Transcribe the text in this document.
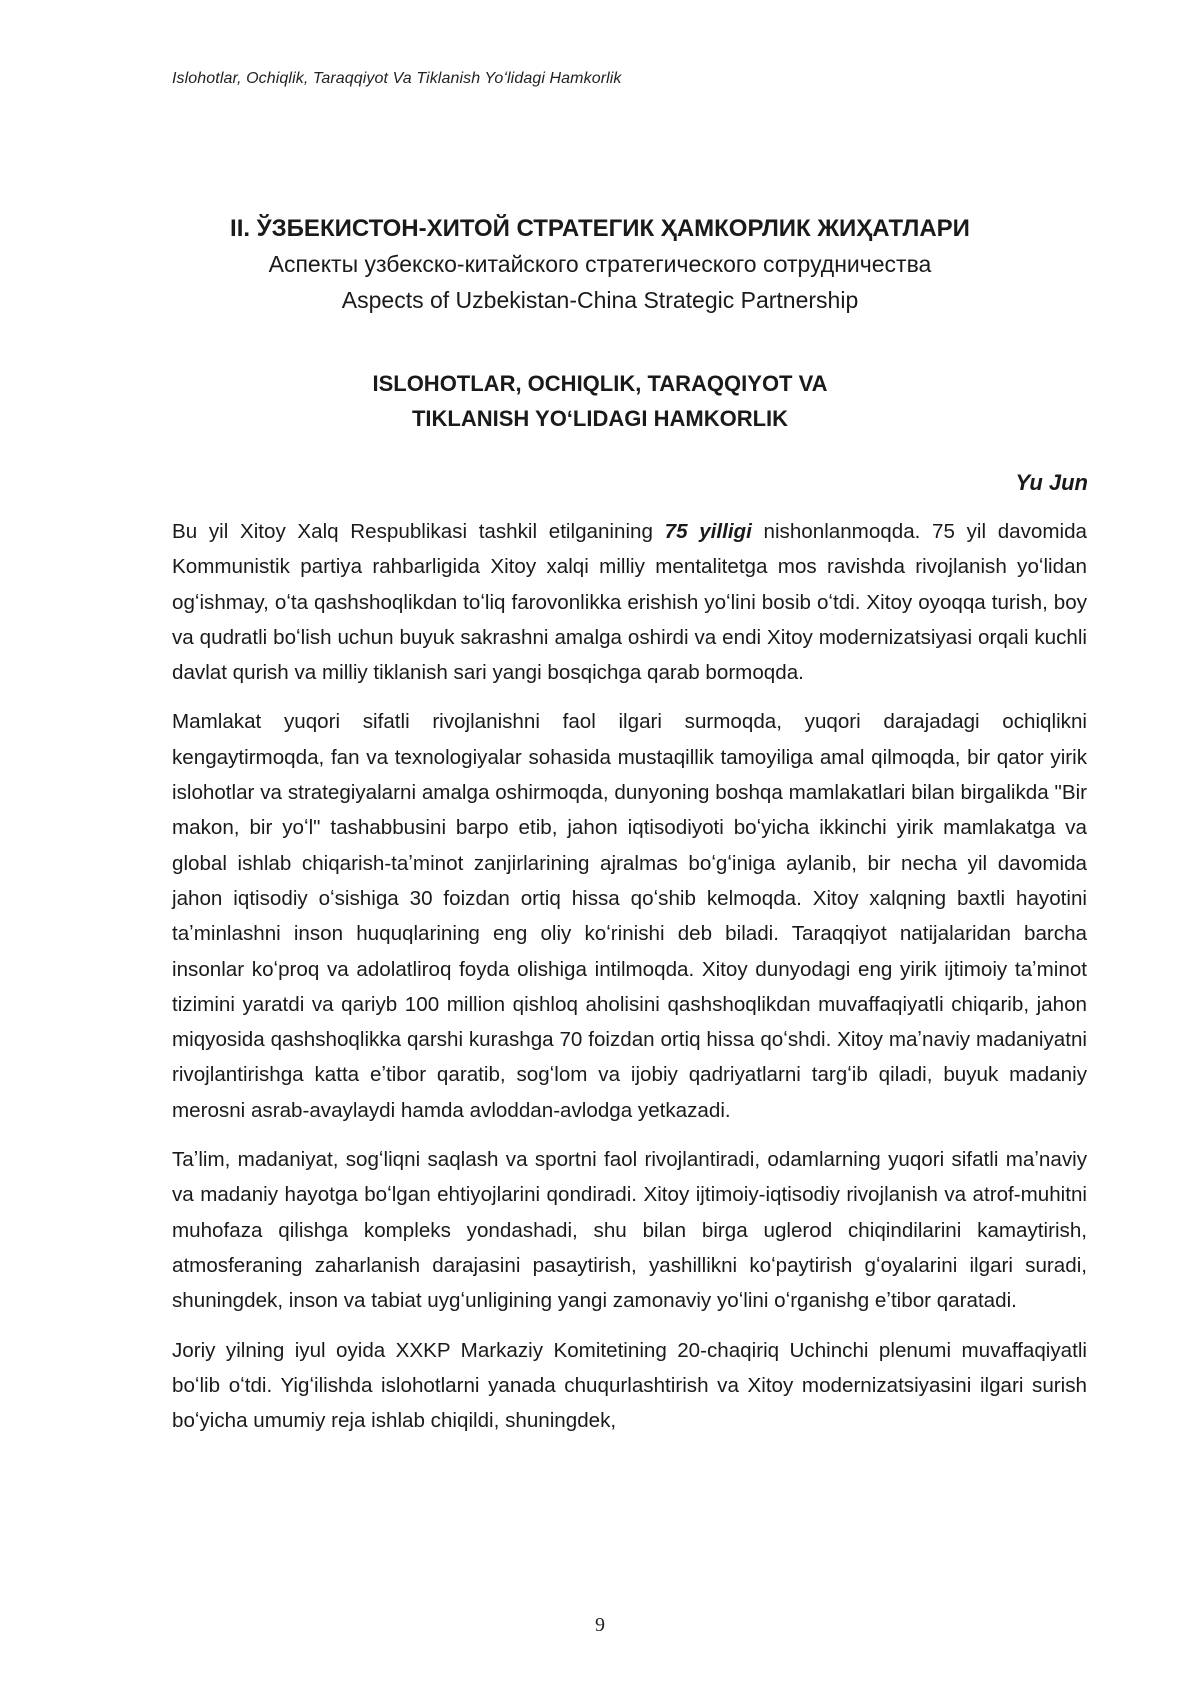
Islohotlar, Ochiqlik, Taraqqiyot Va Tiklanish Yoʻlidagi Hamkorlik
II. ЎЗБЕКИСТОН-ХИТОЙ СТРАТЕГИК ҲАМКОРЛИК ЖИҲАТЛАРИ
Аспекты узбекско-китайского стратегического сотрудничества
Aspects of Uzbekistan-China Strategic Partnership
ISLOHOTLAR, OCHIQLIK, TARAQQIYOT VA
TIKLANISH YOʻLIDAGI HAMKORLIK
Yu Jun

Bu yil Xitoy Xalq Respublikasi tashkil etilganining 75 yilligi nishonlanmoqda. 75 yil davomida Kommunistik partiya rahbarligida Xitoy xalqi milliy mentalitetga mos ravishda rivojlanish yoʻlidan ogʻishmay, oʻta qashshoqlikdan toʻliq farovonlikka erishish yoʻlini bosib oʻtdi. Xitoy oyoqqa turish, boy va qudratli boʻlish uchun buyuk sakrashni amalga oshirdi va endi Xitoy modernizatsiyasi orqali kuchli davlat qurish va milliy tiklanish sari yangi bosqichga qarab bormoqda.

Mamlakat yuqori sifatli rivojlanishni faol ilgari surmoqda, yuqori darajadagi ochiqlikni kengaytirmoqda, fan va texnologiyalar sohasida mustaqillik tamoyiliga amal qilmoqda, bir qator yirik islohotlar va strategiyalarni amalga oshirmoqda, dunyoning boshqa mamlakatlari bilan birgalikda "Bir makon, bir yoʻl" tashabbusini barpo etib, jahon iqtisodiyoti boʻyicha ikkinchi yirik mamlakatga va global ishlab chiqarish-taʼminot zanjirlarining ajralmas boʻgʻiniga aylanib, bir necha yil davomida jahon iqtisodiy oʻsishiga 30 foizdan ortiq hissa qoʻshib kelmoqda. Xitoy xalqning baxtli hayotini taʼminlashni inson huquqlarining eng oliy koʻrinishi deb biladi. Taraqqiyot natijalaridan barcha insonlar koʻproq va adolatliroq foyda olishiga intilmoqda. Xitoy dunyodagi eng yirik ijtimoiy taʼminot tizimini yaratdi va qariyb 100 million qishloq aholisini qashshoqlikdan muvaffaqiyatli chiqarib, jahon miqyosida qashshoqlikka qarshi kurashga 70 foizdan ortiq hissa qoʻshdi. Xitoy maʼnaviy madaniyatni rivojlantirishga katta eʼtibor qaratib, sogʻlom va ijobiy qadriyatlarni targʻib qiladi, buyuk madaniy merosni asrab-avaylaydi hamda avloddan-avlodga yetkazadi.

Taʼlim, madaniyat, sogʻliqni saqlash va sportni faol rivojlantiradi, odamlarning yuqori sifatli maʼnaviy va madaniy hayotga boʻlgan ehtiyojlarini qondiradi. Xitoy ijtimoiy-iqtisodiy rivojlanish va atrof-muhitni muhofaza qilishga kompleks yondashadi, shu bilan birga uglerod chiqindilarini kamaytirish, atmosferaning zaharlanish darajasini pasaytirish, yashillikni koʻpaytirish gʻoyalarini ilgari suradi, shuningdek, inson va tabiat uygʻunligining yangi zamonaviy yoʻlini oʻrganishg eʼtibor qaratadi.

Joriy yilning iyul oyida XXKP Markaziy Komitetining 20-chaqiriq Uchinchi plenumi muvaffaqiyatli boʻlib oʻtdi. Yigʻilishda islohotlarni yanada chuqurlashtirish va Xitoy modernizatsiyasini ilgari surish boʻyicha umumiy reja ishlab chiqildi, shuningdek,

9
